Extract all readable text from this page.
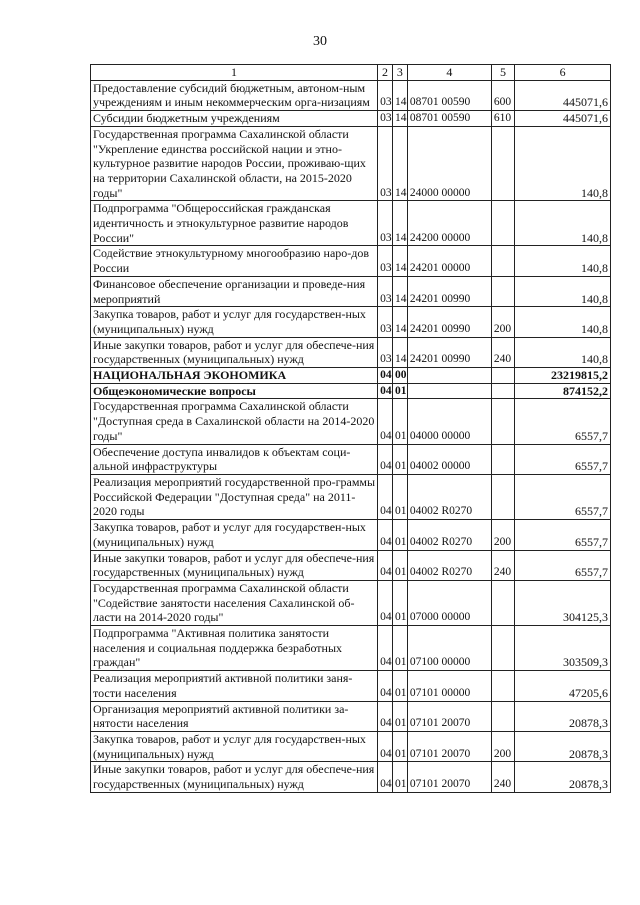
30
1	2	3	4	5	6
Предоставление субсидий бюджетным, автоном-ным учреждениям и иным некоммерческим орга-низациям	03	14	08701 00590	600	445071,6
Субсидии бюджетным учреждениям	03	14	08701 00590	610	445071,6
Государственная программа Сахалинской области "Укрепление единства российской нации и этно-культурное развитие народов России, проживаю-щих на территории Сахалинской области, на 2015-2020 годы"	03	14	24000 00000		140,8
Подпрограмма "Общероссийская гражданская идентичность и этнокультурное развитие народов России"	03	14	24200 00000		140,8
Содействие этнокультурному многообразию наро-дов России	03	14	24201 00000		140,8
Финансовое обеспечение организации и проведе-ния мероприятий	03	14	24201 00990		140,8
Закупка товаров, работ и услуг для государствен-ных (муниципальных) нужд	03	14	24201 00990	200	140,8
Иные закупки товаров, работ и услуг для обеспече-ния государственных (муниципальных) нужд	03	14	24201 00990	240	140,8
НАЦИОНАЛЬНАЯ ЭКОНОМИКА	04	00			23219815,2
Общеэкономические вопросы	04	01			874152,2
Государственная программа Сахалинской области "Доступная среда в Сахалинской области на 2014-2020 годы"	04	01	04000 00000		6557,7
Обеспечение доступа инвалидов к объектам соци-альной инфраструктуры	04	01	04002 00000		6557,7
Реализация мероприятий государственной про-граммы Российской Федерации "Доступная среда" на 2011-2020 годы	04	01	04002 R0270		6557,7
Закупка товаров, работ и услуг для государствен-ных (муниципальных) нужд	04	01	04002 R0270	200	6557,7
Иные закупки товаров, работ и услуг для обеспече-ния государственных (муниципальных) нужд	04	01	04002 R0270	240	6557,7
Государственная программа Сахалинской области "Содействие занятости населения Сахалинской об-ласти на 2014-2020 годы"	04	01	07000 00000		304125,3
Подпрограмма "Активная политика занятости населения и социальная поддержка безработных граждан"	04	01	07100 00000		303509,3
Реализация мероприятий активной политики заня-тости населения	04	01	07101 00000		47205,6
Организация мероприятий активной политики за-нятости населения	04	01	07101 20070		20878,3
Закупка товаров, работ и услуг для государствен-ных (муниципальных) нужд	04	01	07101 20070	200	20878,3
Иные закупки товаров, работ и услуг для обеспече-ния государственных (муниципальных) нужд	04	01	07101 20070	240	20878,3
